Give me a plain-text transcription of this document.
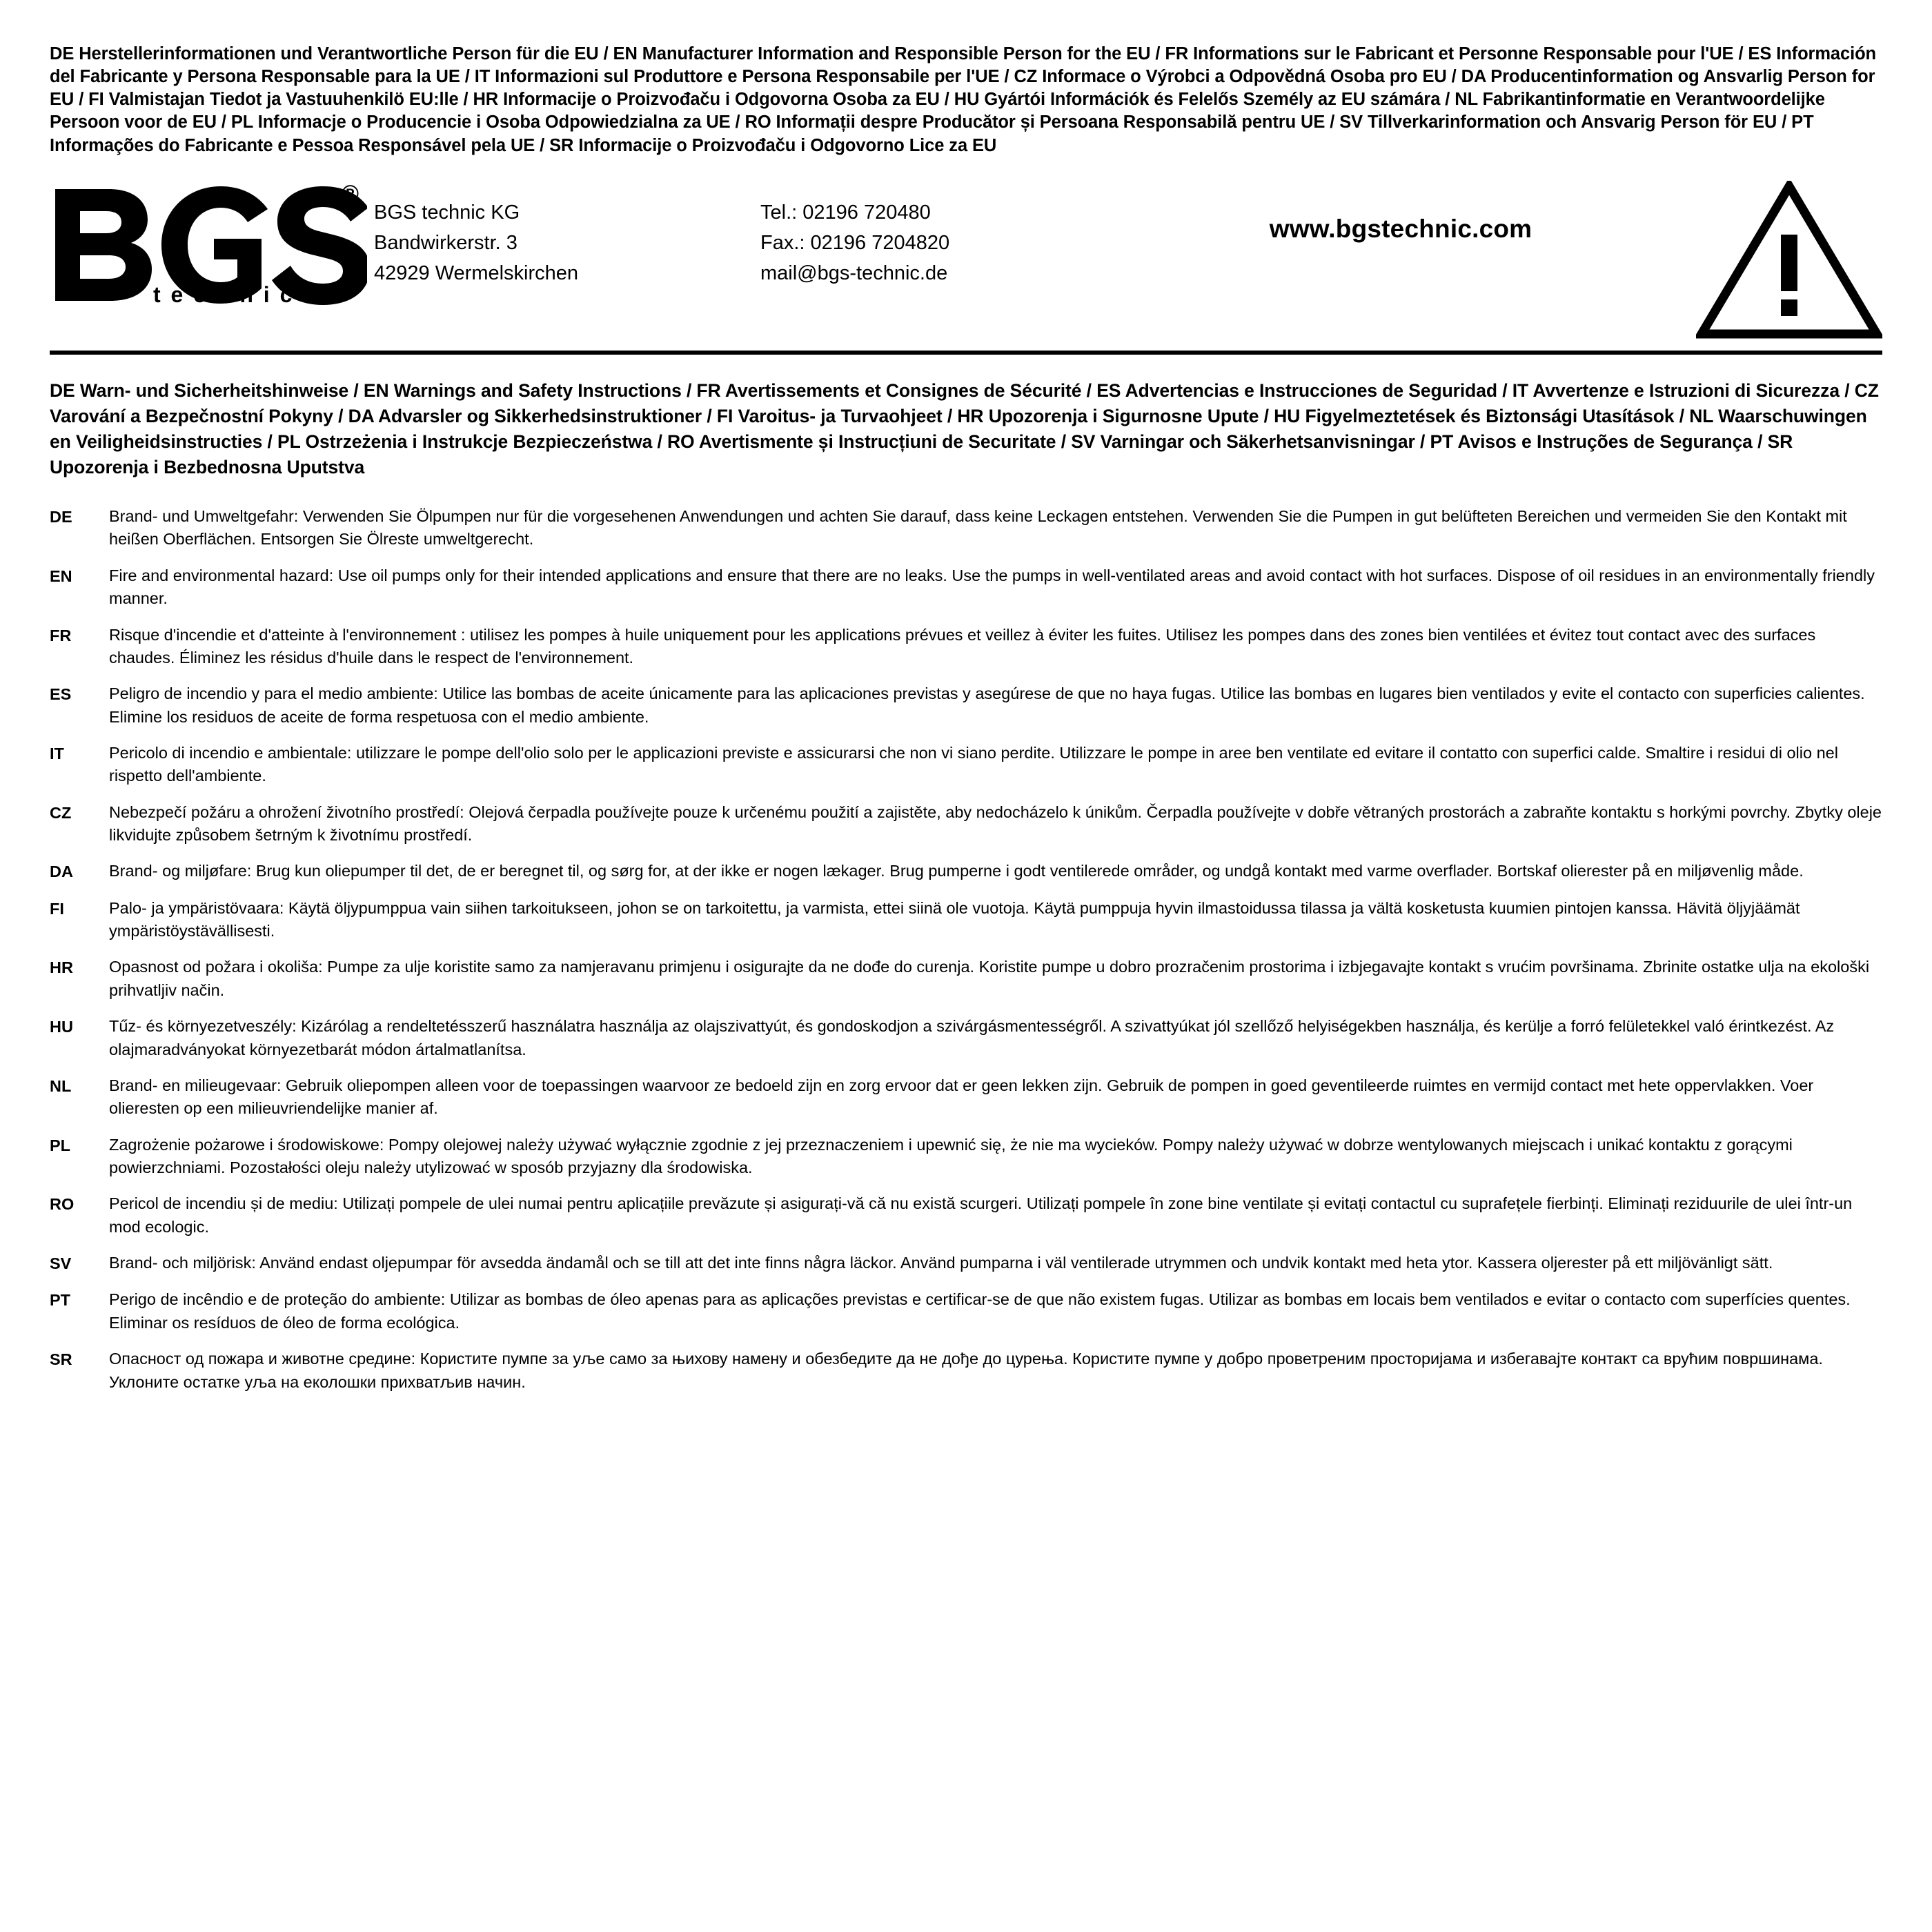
DE Herstellerinformationen und Verantwortliche Person für die EU / EN Manufacturer Information and Responsible Person for the EU / FR Informations sur le Fabricant et Personne Responsable pour l'UE / ES Información del Fabricante y Persona Responsable para la UE / IT Informazioni sul Produttore e Persona Responsabile per l'UE / CZ Informace o Výrobci a Odpovědná Osoba pro EU / DA Producentinformation og Ansvarlig Person for EU / FI Valmistajan Tiedot ja Vastuuhenkilö EU:lle / HR Informacije o Proizvođaču i Odgovorna Osoba za EU / HU Gyártói Információk és Felelős Személy az EU számára / NL Fabrikantinformatie en Verantwoordelijke Persoon voor de EU / PL Informacje o Producencie i Osoba Odpowiedzialna za UE / RO Informații despre Producător și Persoana Responsabilă pentru UE / SV Tillverkarinformation och Ansvarig Person för EU / PT Informações do Fabricante e Pessoa Responsável pela UE / SR Informacije o Proizvođaču i Odgovorno Lice za EU
®
t e c h n i c
BGS technic KG
Bandwirkerstr. 3
42929 Wermelskirchen
Tel.: 02196 720480
Fax.: 02196 7204820
mail@bgs-technic.de
www.bgstechnic.com
DE Warn- und Sicherheitshinweise / EN Warnings and Safety Instructions / FR Avertissements et Consignes de Sécurité / ES Advertencias e Instrucciones de Seguridad / IT Avvertenze e Istruzioni di Sicurezza / CZ Varování a Bezpečnostní Pokyny / DA Advarsler og Sikkerhedsinstruktioner / FI Varoitus- ja Turvaohjeet / HR Upozorenja i Sigurnosne Upute / HU Figyelmeztetések és Biztonsági Utasítások / NL Waarschuwingen en Veiligheidsinstructies / PL Ostrzeżenia i Instrukcje Bezpieczeństwa / RO Avertismente și Instrucțiuni de Securitate / SV Varningar och Säkerhetsanvisningar / PT Avisos e Instruções de Segurança / SR Upozorenja i Bezbednosna Uputstva
DE	Brand- und Umweltgefahr: Verwenden Sie Ölpumpen nur für die vorgesehenen Anwendungen und achten Sie darauf, dass keine Leckagen entstehen. Verwenden Sie die Pumpen in gut belüfteten Bereichen und vermeiden Sie den Kontakt mit heißen Oberflächen. Entsorgen Sie Ölreste umweltgerecht.
EN	Fire and environmental hazard: Use oil pumps only for their intended applications and ensure that there are no leaks. Use the pumps in well-ventilated areas and avoid contact with hot surfaces. Dispose of oil residues in an environmentally friendly manner.
FR	Risque d'incendie et d'atteinte à l'environnement : utilisez les pompes à huile uniquement pour les applications prévues et veillez à éviter les fuites. Utilisez les pompes dans des zones bien ventilées et évitez tout contact avec des surfaces chaudes. Éliminez les résidus d'huile dans le respect de l'environnement.
ES	Peligro de incendio y para el medio ambiente: Utilice las bombas de aceite únicamente para las aplicaciones previstas y asegúrese de que no haya fugas. Utilice las bombas en lugares bien ventilados y evite el contacto con superficies calientes. Elimine los residuos de aceite de forma respetuosa con el medio ambiente.
IT	Pericolo di incendio e ambientale: utilizzare le pompe dell'olio solo per le applicazioni previste e assicurarsi che non vi siano perdite. Utilizzare le pompe in aree ben ventilate ed evitare il contatto con superfici calde. Smaltire i residui di olio nel rispetto dell'ambiente.
CZ	Nebezpečí požáru a ohrožení životního prostředí: Olejová čerpadla používejte pouze k určenému použití a zajistěte, aby nedocházelo k únikům. Čerpadla používejte v dobře větraných prostorách a zabraňte kontaktu s horkými povrchy. Zbytky oleje likvidujte způsobem šetrným k životnímu prostředí.
DA	Brand- og miljøfare: Brug kun oliepumper til det, de er beregnet til, og sørg for, at der ikke er nogen lækager. Brug pumperne i godt ventilerede områder, og undgå kontakt med varme overflader. Bortskaf olierester på en miljøvenlig måde.
FI	Palo- ja ympäristövaara: Käytä öljypumppua vain siihen tarkoitukseen, johon se on tarkoitettu, ja varmista, ettei siinä ole vuotoja. Käytä pumppuja hyvin ilmastoidussa tilassa ja vältä kosketusta kuumien pintojen kanssa. Hävitä öljyjäämät ympäristöystävällisesti.
HR	Opasnost od požara i okoliša: Pumpe za ulje koristite samo za namjeravanu primjenu i osigurajte da ne dođe do curenja. Koristite pumpe u dobro prozračenim prostorima i izbjegavajte kontakt s vrućim površinama. Zbrinite ostatke ulja na ekološki prihvatljiv način.
HU	Tűz- és környezetveszély: Kizárólag a rendeltetésszerű használatra használja az olajszivattyút, és gondoskodjon a szivárgásmentességről. A szivattyúkat jól szellőző helyiségekben használja, és kerülje a forró felületekkel való érintkezést. Az olajmaradványokat környezetbarát módon ártalmatlanítsa.
NL	Brand- en milieugevaar: Gebruik oliepompen alleen voor de toepassingen waarvoor ze bedoeld zijn en zorg ervoor dat er geen lekken zijn. Gebruik de pompen in goed geventileerde ruimtes en vermijd contact met hete oppervlakken. Voer olieresten op een milieuvriendelijke manier af.
PL	Zagrożenie pożarowe i środowiskowe: Pompy olejowej należy używać wyłącznie zgodnie z jej przeznaczeniem i upewnić się, że nie ma wycieków. Pompy należy używać w dobrze wentylowanych miejscach i unikać kontaktu z gorącymi powierzchniami. Pozostałości oleju należy utylizować w sposób przyjazny dla środowiska.
RO	Pericol de incendiu și de mediu: Utilizați pompele de ulei numai pentru aplicațiile prevăzute și asigurați-vă că nu există scurgeri. Utilizați pompele în zone bine ventilate și evitați contactul cu suprafețele fierbinți. Eliminați reziduurile de ulei într-un mod ecologic.
SV	Brand- och miljörisk: Använd endast oljepumpar för avsedda ändamål och se till att det inte finns några läckor. Använd pumparna i väl ventilerade utrymmen och undvik kontakt med heta ytor. Kassera oljerester på ett miljövänligt sätt.
PT	Perigo de incêndio e de proteção do ambiente: Utilizar as bombas de óleo apenas para as aplicações previstas e certificar-se de que não existem fugas. Utilizar as bombas em locais bem ventilados e evitar o contacto com superfícies quentes. Eliminar os resíduos de óleo de forma ecológica.
SR	Опасност од пожара и животне средине: Користите пумпе за уље само за њихову намену и обезбедите да не дође до цурења. Користите пумпе у добро проветреним просторијама и избегавајте контакт са врућим површинама. Уклоните остатке уља на еколошки прихватљив начин.
